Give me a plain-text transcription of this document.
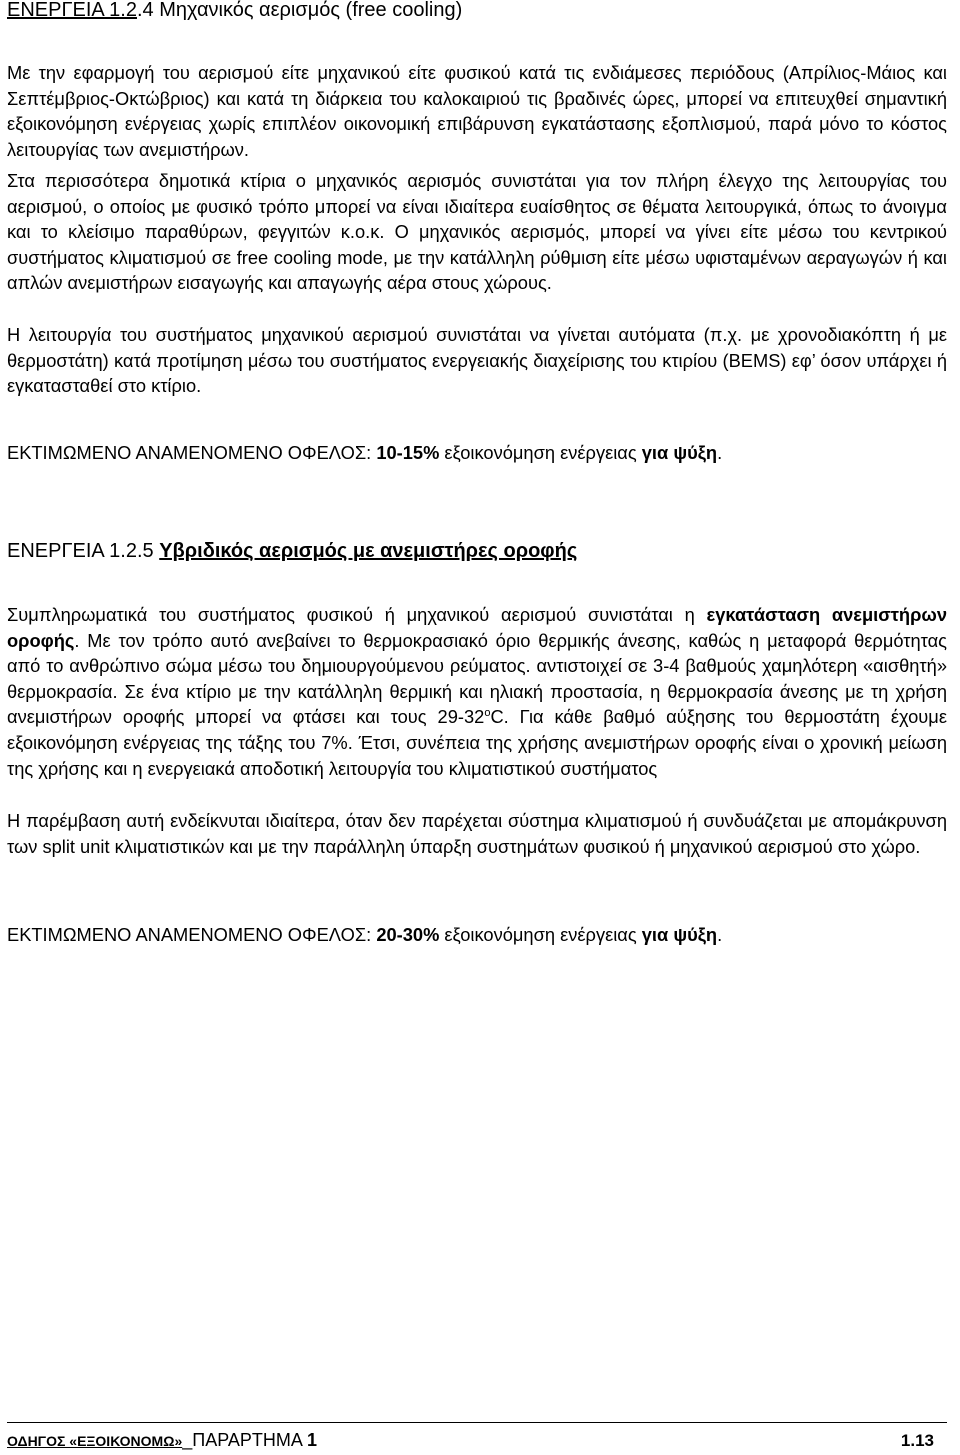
ΕΝΕΡΓΕΙΑ 1.2.4 Μηχανικός αερισμός (free cooling)

Με την εφαρμογή του αερισμού είτε μηχανικού είτε φυσικού κατά τις ενδιάμεσες περιόδους (Απρίλιος-Μάιος και Σεπτέμβριος-Οκτώβριος) και κατά τη διάρκεια του καλοκαιριού τις βραδινές ώρες, μπορεί να επιτευχθεί σημαντική εξοικονόμηση ενέργειας χωρίς επιπλέον οικονομική επιβάρυνση εγκατάστασης εξοπλισμού, παρά μόνο το κόστος λειτουργίας των ανεμιστήρων.

Στα περισσότερα δημοτικά κτίρια ο μηχανικός αερισμός συνιστάται για τον πλήρη έλεγχο της λειτουργίας του αερισμού, ο οποίος με φυσικό τρόπο μπορεί να είναι ιδιαίτερα ευαίσθητος σε θέματα λειτουργικά, όπως το άνοιγμα και το κλείσιμο παραθύρων, φεγγιτών κ.ο.κ. Ο μηχανικός αερισμός, μπορεί να γίνει είτε μέσω του κεντρικού συστήματος κλιματισμού σε free cooling mode, με την κατάλληλη ρύθμιση είτε μέσω υφισταμένων αεραγωγών ή και απλών ανεμιστήρων εισαγωγής και απαγωγής αέρα στους χώρους.

Η λειτουργία του συστήματος μηχανικού αερισμού συνιστάται να γίνεται αυτόματα (π.χ. με χρονοδιακόπτη ή με θερμοστάτη) κατά προτίμηση μέσω του συστήματος ενεργειακής διαχείρισης του κτιρίου (BEMS) εφ’ όσον υπάρχει ή εγκατασταθεί στο κτίριο.

ΕΚΤΙΜΩΜΕΝΟ ΑΝΑΜΕΝΟΜΕΝΟ ΟΦΕΛΟΣ: 10-15% εξοικονόμηση ενέργειας για ψύξη.

ΕΝΕΡΓΕΙΑ 1.2.5 Υβριδικός αερισμός με ανεμιστήρες οροφής

Συμπληρωματικά του συστήματος φυσικού ή μηχανικού αερισμού συνιστάται η εγκατάσταση ανεμιστήρων οροφής. Με τον τρόπο αυτό ανεβαίνει το θερμοκρασιακό όριο θερμικής άνεσης, καθώς η μεταφορά θερμότητας από το ανθρώπινο σώμα μέσω του δημιουργούμενου ρεύματος. αντιστοιχεί σε 3-4 βαθμούς χαμηλότερη «αισθητή» θερμοκρασία. Σε ένα κτίριο με την κατάλληλη θερμική και ηλιακή προστασία, η θερμοκρασία άνεσης με τη χρήση ανεμιστήρων οροφής μπορεί να φτάσει και τους $29-32^oC$. Για κάθε βαθμό αύξησης του θερμοστάτη έχουμε εξοικονόμηση ενέργειας της τάξης του 7%. Έτσι, συνέπεια της χρήσης ανεμιστήρων οροφής είναι ο χρονική μείωση της χρήσης και η ενεργειακά αποδοτική λειτουργία του κλιματιστικού συστήματος

Η παρέμβαση αυτή ενδείκνυται ιδιαίτερα, όταν δεν παρέχεται σύστημα κλιματισμού ή συνδυάζεται με απομάκρυνση των split unit κλιματιστικών και με την παράλληλη ύπαρξη συστημάτων φυσικού ή μηχανικού αερισμού στο χώρο.

ΕΚΤΙΜΩΜΕΝΟ ΑΝΑΜΕΝΟΜΕΝΟ ΟΦΕΛΟΣ: 20-30% εξοικονόμηση ενέργειας για ψύξη.

ΟΔΗΓΟΣ «ΕΞΟΙΚΟΝΟΜΩ»_ΠΑΡΑΡΤΗΜΑ 1	1.13
